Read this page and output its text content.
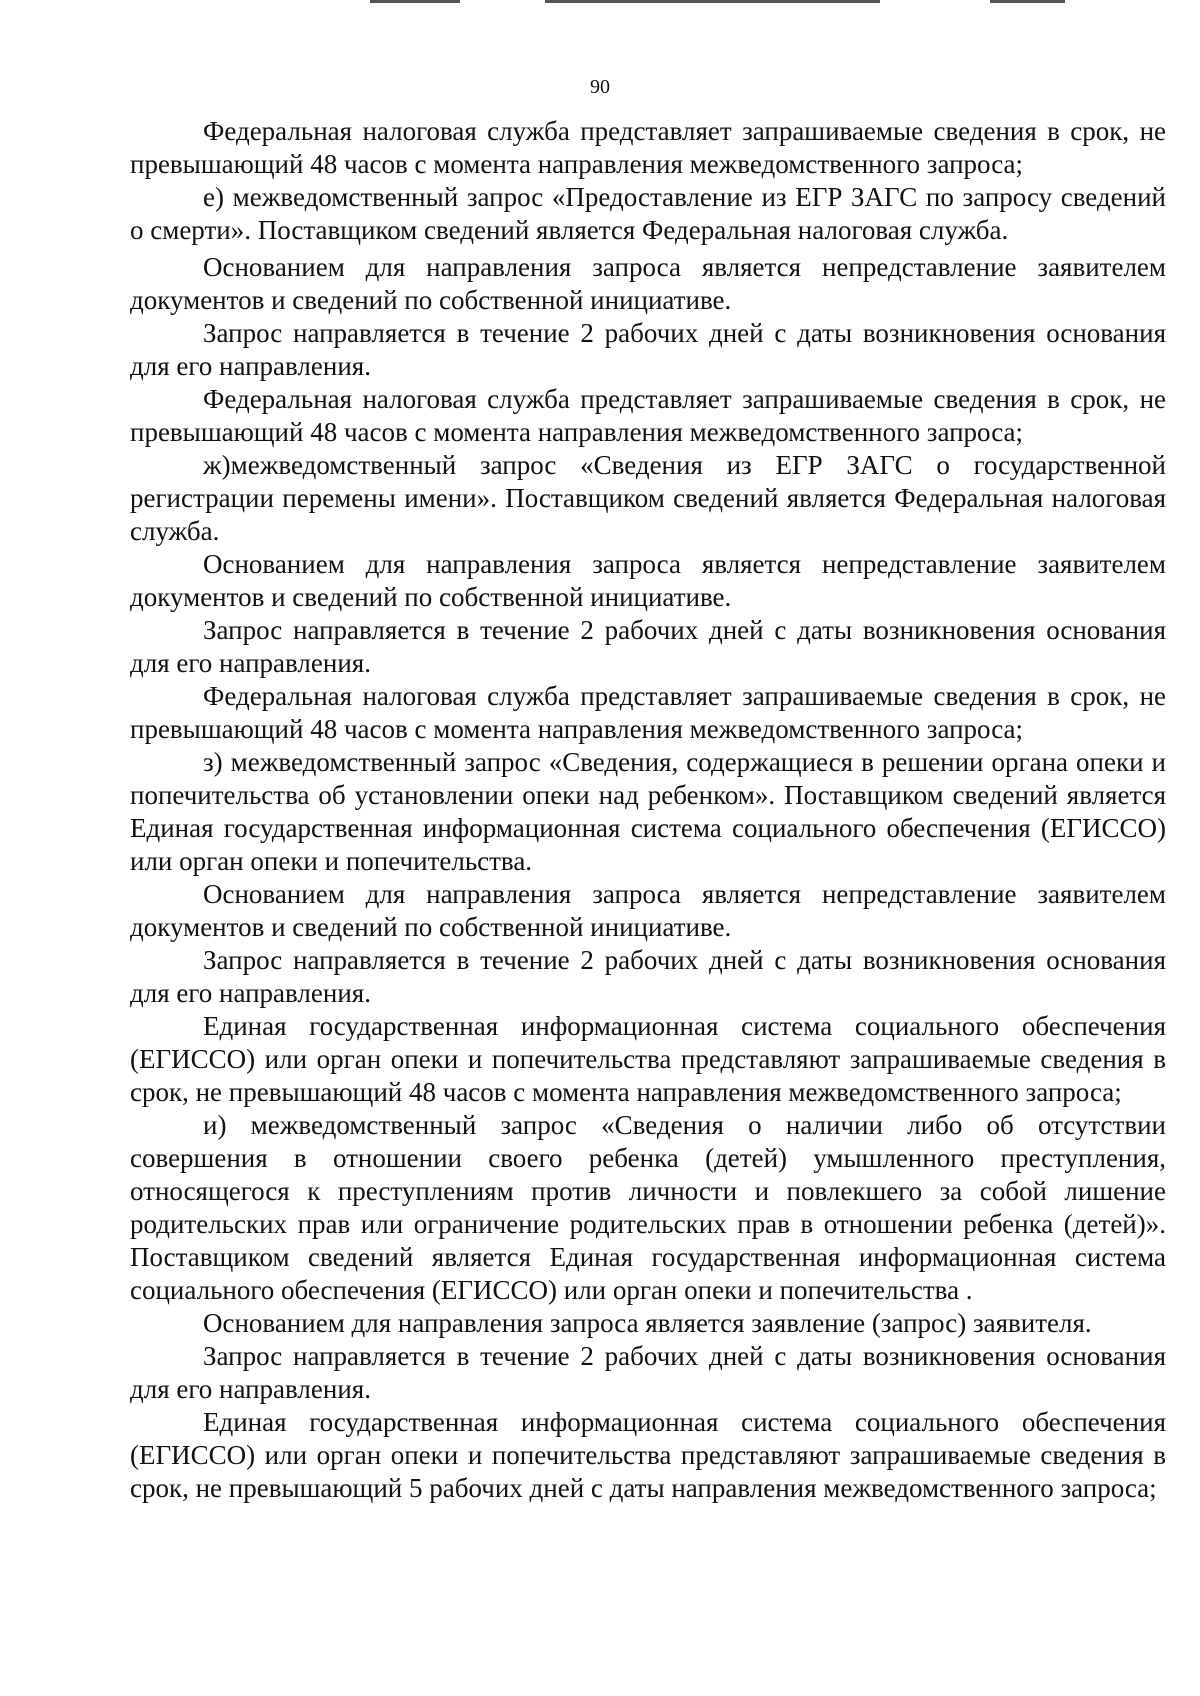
90

Федеральная налоговая служба представляет запрашиваемые сведения в срок, не превышающий 48 часов с момента направления межведомственного запроса;

е) межведомственный запрос «Предоставление из ЕГР ЗАГС по запросу сведений о смерти». Поставщиком сведений является Федеральная налоговая служба.

Основанием для направления запроса является непредставление заявителем документов и сведений по собственной инициативе.

Запрос направляется в течение 2 рабочих дней с даты возникновения основания для его направления.

Федеральная налоговая служба представляет запрашиваемые сведения в срок, не превышающий 48 часов с момента направления межведомственного запроса;

ж)межведомственный запрос «Сведения из ЕГР ЗАГС о государственной регистрации перемены имени». Поставщиком сведений является Федеральная налоговая служба.

Основанием для направления запроса является непредставление заявителем документов и сведений по собственной инициативе.

Запрос направляется в течение 2 рабочих дней с даты возникновения основания для его направления.

Федеральная налоговая служба представляет запрашиваемые сведения в срок, не превышающий 48 часов с момента направления межведомственного запроса;

з) межведомственный запрос «Сведения, содержащиеся в решении органа опеки и попечительства об установлении опеки над ребенком». Поставщиком сведений является Единая государственная информационная система социального обеспечения (ЕГИССО) или орган опеки и попечительства.

Основанием для направления запроса является непредставление заявителем документов и сведений по собственной инициативе.

Запрос направляется в течение 2 рабочих дней с даты возникновения основания для его направления.

Единая государственная информационная система социального обеспечения (ЕГИССО) или орган опеки и попечительства представляют запрашиваемые сведения в срок, не превышающий 48 часов с момента направления межведомственного запроса;

и) межведомственный запрос «Сведения о наличии либо об отсутствии совершения в отношении своего ребенка (детей) умышленного преступления, относящегося к преступлениям против личности и повлекшего за собой лишение родительских прав или ограничение родительских прав в отношении ребенка (детей)». Поставщиком сведений является Единая государственная информационная система социального обеспечения (ЕГИССО) или орган опеки и попечительства .

Основанием для направления запроса является заявление (запрос) заявителя.

Запрос направляется в течение 2 рабочих дней с даты возникновения основания для его направления.

Единая государственная информационная система социального обеспечения (ЕГИССО) или орган опеки и попечительства представляют запрашиваемые сведения в срок, не превышающий 5 рабочих дней с даты направления межведомственного запроса;
